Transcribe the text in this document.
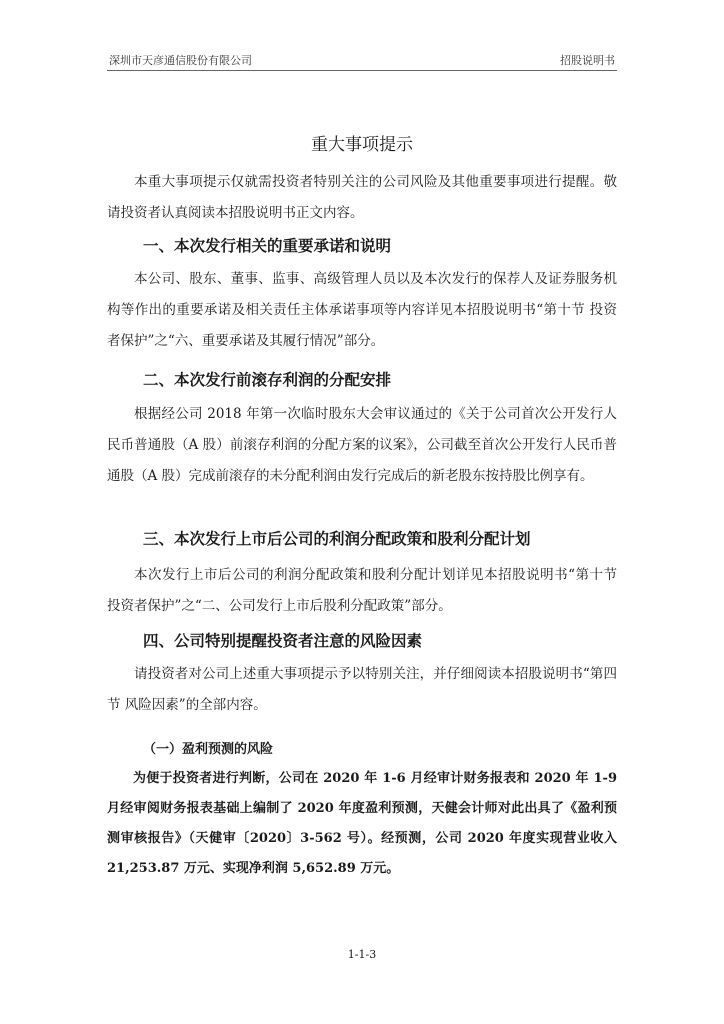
深圳市天彦通信股份有限公司	招股说明书
重大事项提示
本重大事项提示仅就需投资者特别关注的公司风险及其他重要事项进行提醒。敬请投资者认真阅读本招股说明书正文内容。
一、本次发行相关的重要承诺和说明
本公司、股东、董事、监事、高级管理人员以及本次发行的保荐人及证券服务机构等作出的重要承诺及相关责任主体承诺事项等内容详见本招股说明书“第十节 投资者保护”之“六、重要承诺及其履行情况”部分。
二、本次发行前滚存利润的分配安排
根据经公司 2018 年第一次临时股东大会审议通过的《关于公司首次公开发行人民币普通股（A 股）前滚存利润的分配方案的议案》，公司截至首次公开发行人民币普通股（A 股）完成前滚存的未分配利润由发行完成后的新老股东按持股比例享有。
三、本次发行上市后公司的利润分配政策和股利分配计划
本次发行上市后公司的利润分配政策和股利分配计划详见本招股说明书“第十节 投资者保护”之“二、公司发行上市后股利分配政策”部分。
四、公司特别提醒投资者注意的风险因素
请投资者对公司上述重大事项提示予以特别关注，并仔细阅读本招股说明书“第四节 风险因素”的全部内容。
（一）盈利预测的风险
为便于投资者进行判断，公司在 2020 年 1-6 月经审计财务报表和 2020 年 1-9 月经审阅财务报表基础上编制了 2020 年度盈利预测，天健会计师对此出具了《盈利预测审核报告》（天健审〔2020〕3-562 号）。经预测，公司 2020 年度实现营业收入 21,253.87 万元、实现净利润 5,652.89 万元。
1-1-3
